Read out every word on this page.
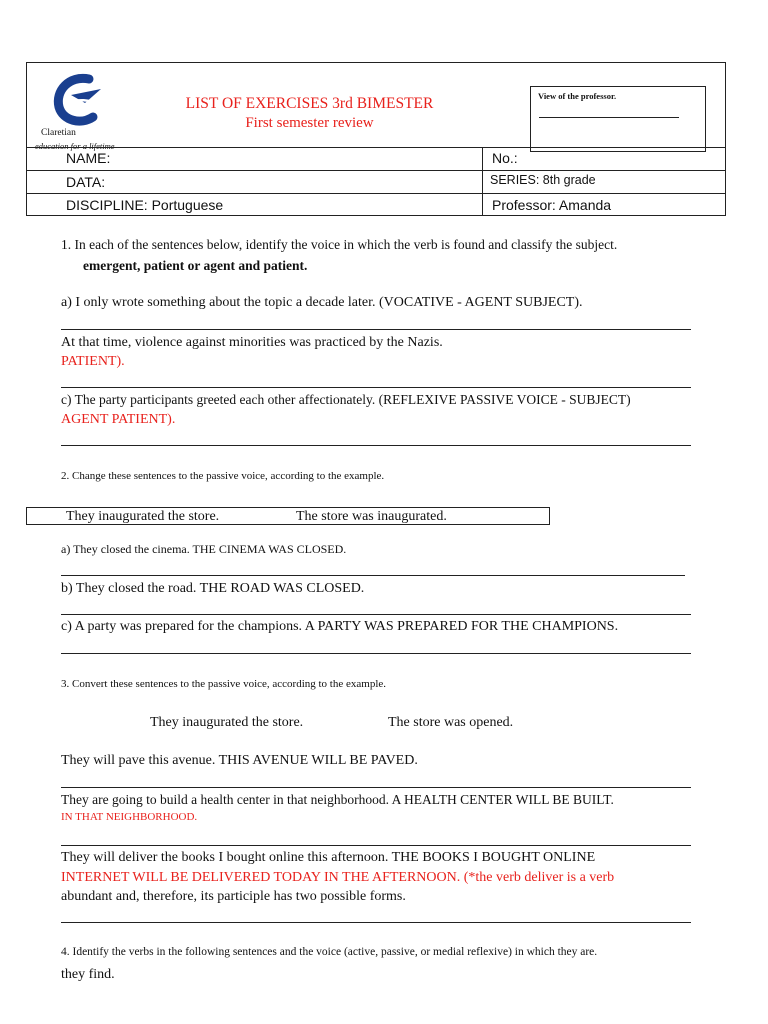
Claretian
education for a lifetime
LIST OF EXERCISES 3rd BIMESTER
First semester review
View of the professor.
NAME:	No.:
DATA:	SERIES: 8th grade
DISCIPLINE: Portuguese	Professor: Amanda
1. In each of the sentences below, identify the voice in which the verb is found and classify the subject.
emergent, patient or agent and patient.
a) I only wrote something about the topic a decade later. (VOCATIVE - AGENT SUBJECT).
At that time, violence against minorities was practiced by the Nazis.
PATIENT).
c) The party participants greeted each other affectionately. (REFLEXIVE PASSIVE VOICE - SUBJECT)
AGENT PATIENT).
2. Change these sentences to the passive voice, according to the example.
They inaugurated the store.	The store was inaugurated.
a) They closed the cinema. THE CINEMA WAS CLOSED.
b) They closed the road. THE ROAD WAS CLOSED.
c) A party was prepared for the champions. A PARTY WAS PREPARED FOR THE CHAMPIONS.
3. Convert these sentences to the passive voice, according to the example.
They inaugurated the store.	The store was opened.
They will pave this avenue. THIS AVENUE WILL BE PAVED.
They are going to build a health center in that neighborhood. A HEALTH CENTER WILL BE BUILT.
IN THAT NEIGHBORHOOD.
They will deliver the books I bought online this afternoon. THE BOOKS I BOUGHT ONLINE
INTERNET WILL BE DELIVERED TODAY IN THE AFTERNOON. (*the verb deliver is a verb
abundant and, therefore, its participle has two possible forms.
4. Identify the verbs in the following sentences and the voice (active, passive, or medial reflexive) in which they are.
they find.
